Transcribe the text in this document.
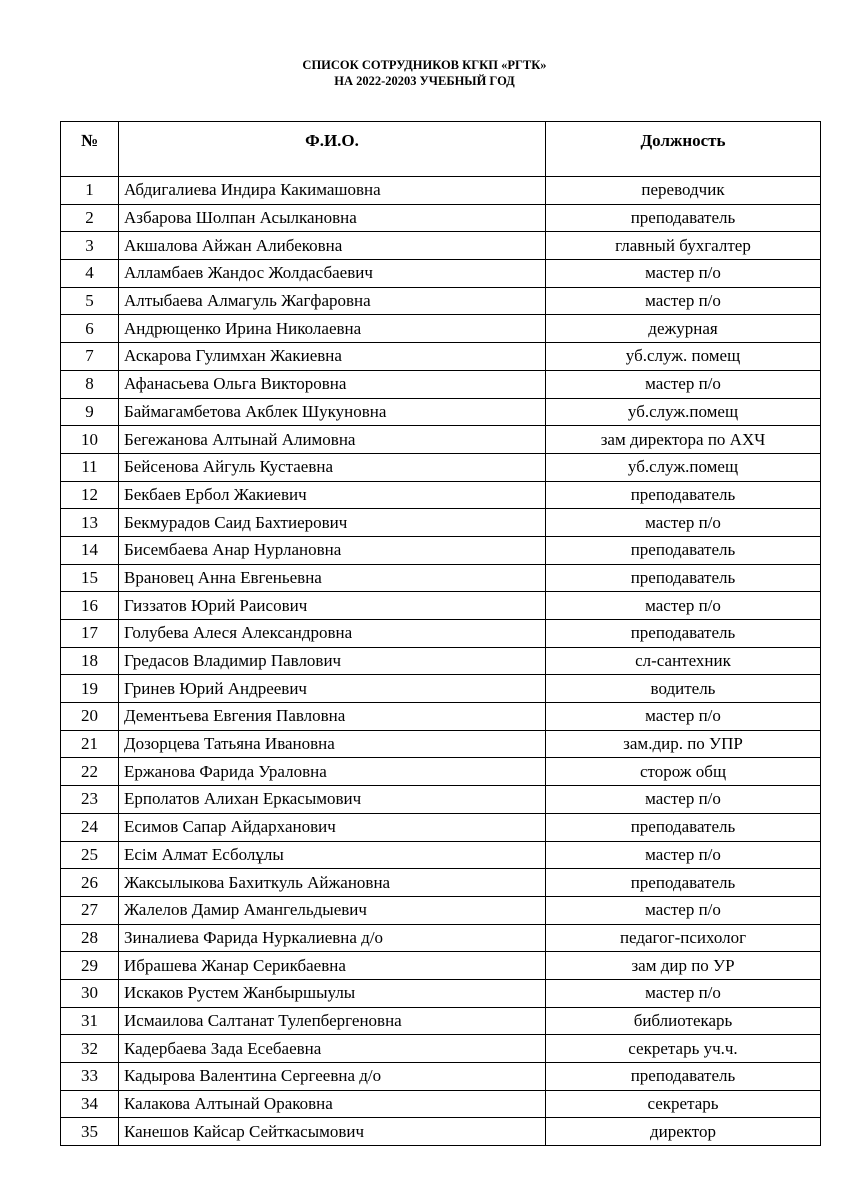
СПИСОК СОТРУДНИКОВ КГКП «РГТК»
НА 2022-20203 УЧЕБНЫЙ ГОД
№	Ф.И.О.	Должность
1	Абдигалиева Индира Какимашовна	переводчик
2	Азбарова Шолпан Асылкановна	преподаватель
3	Акшалова Айжан Алибековна	главный бухгалтер
4	Алламбаев Жандос Жолдасбаевич	мастер п/о
5	Алтыбаева Алмагуль Жагфаровна	мастер п/о
6	Андрющенко Ирина Николаевна	дежурная
7	Аскарова Гулимхан Жакиевна	уб.служ. помещ
8	Афанасьева Ольга Викторовна	мастер п/о
9	Баймагамбетова Акблек Шукуновна	уб.служ.помещ
10	Бегежанова Алтынай Алимовна	зам директора по АХЧ
11	Бейсенова Айгуль Кустаевна	уб.служ.помещ
12	Бекбаев Ербол Жакиевич	преподаватель
13	Бекмурадов Саид Бахтиерович	мастер п/о
14	Бисембаева Анар Нурлановна	преподаватель
15	Врановец Анна Евгеньевна	преподаватель
16	Гиззатов Юрий Раисович	мастер п/о
17	Голубева Алеся Александровна	преподаватель
18	Гредасов Владимир Павлович	сл-сантехник
19	Гринев Юрий Андреевич	водитель
20	Дементьева Евгения Павловна	мастер п/о
21	Дозорцева Татьяна Ивановна	зам.дир. по УПР
22	Ержанова Фарида Ураловна	сторож общ
23	Ерполатов Алихан Еркасымович	мастер п/о
24	Есимов Сапар Айдарханович	преподаватель
25	Есім Алмат Есболұлы	мастер п/о
26	Жаксылыкова Бахиткуль Айжановна	преподаватель
27	Жалелов Дамир Амангельдыевич	мастер п/о
28	Зиналиева Фарида Нуркалиевна д/о	педагог-психолог
29	Ибрашева Жанар Серикбаевна	зам дир по УР
30	Искаков Рустем Жанбыршыулы	мастер п/о
31	Исмаилова Салтанат Тулепбергеновна	библиотекарь
32	Кадербаева Зада Есебаевна	секретарь уч.ч.
33	Кадырова Валентина Сергеевна д/о	преподаватель
34	Калакова Алтынай Ораковна	секретарь
35	Канешов Кайсар Сейткасымович	директор
